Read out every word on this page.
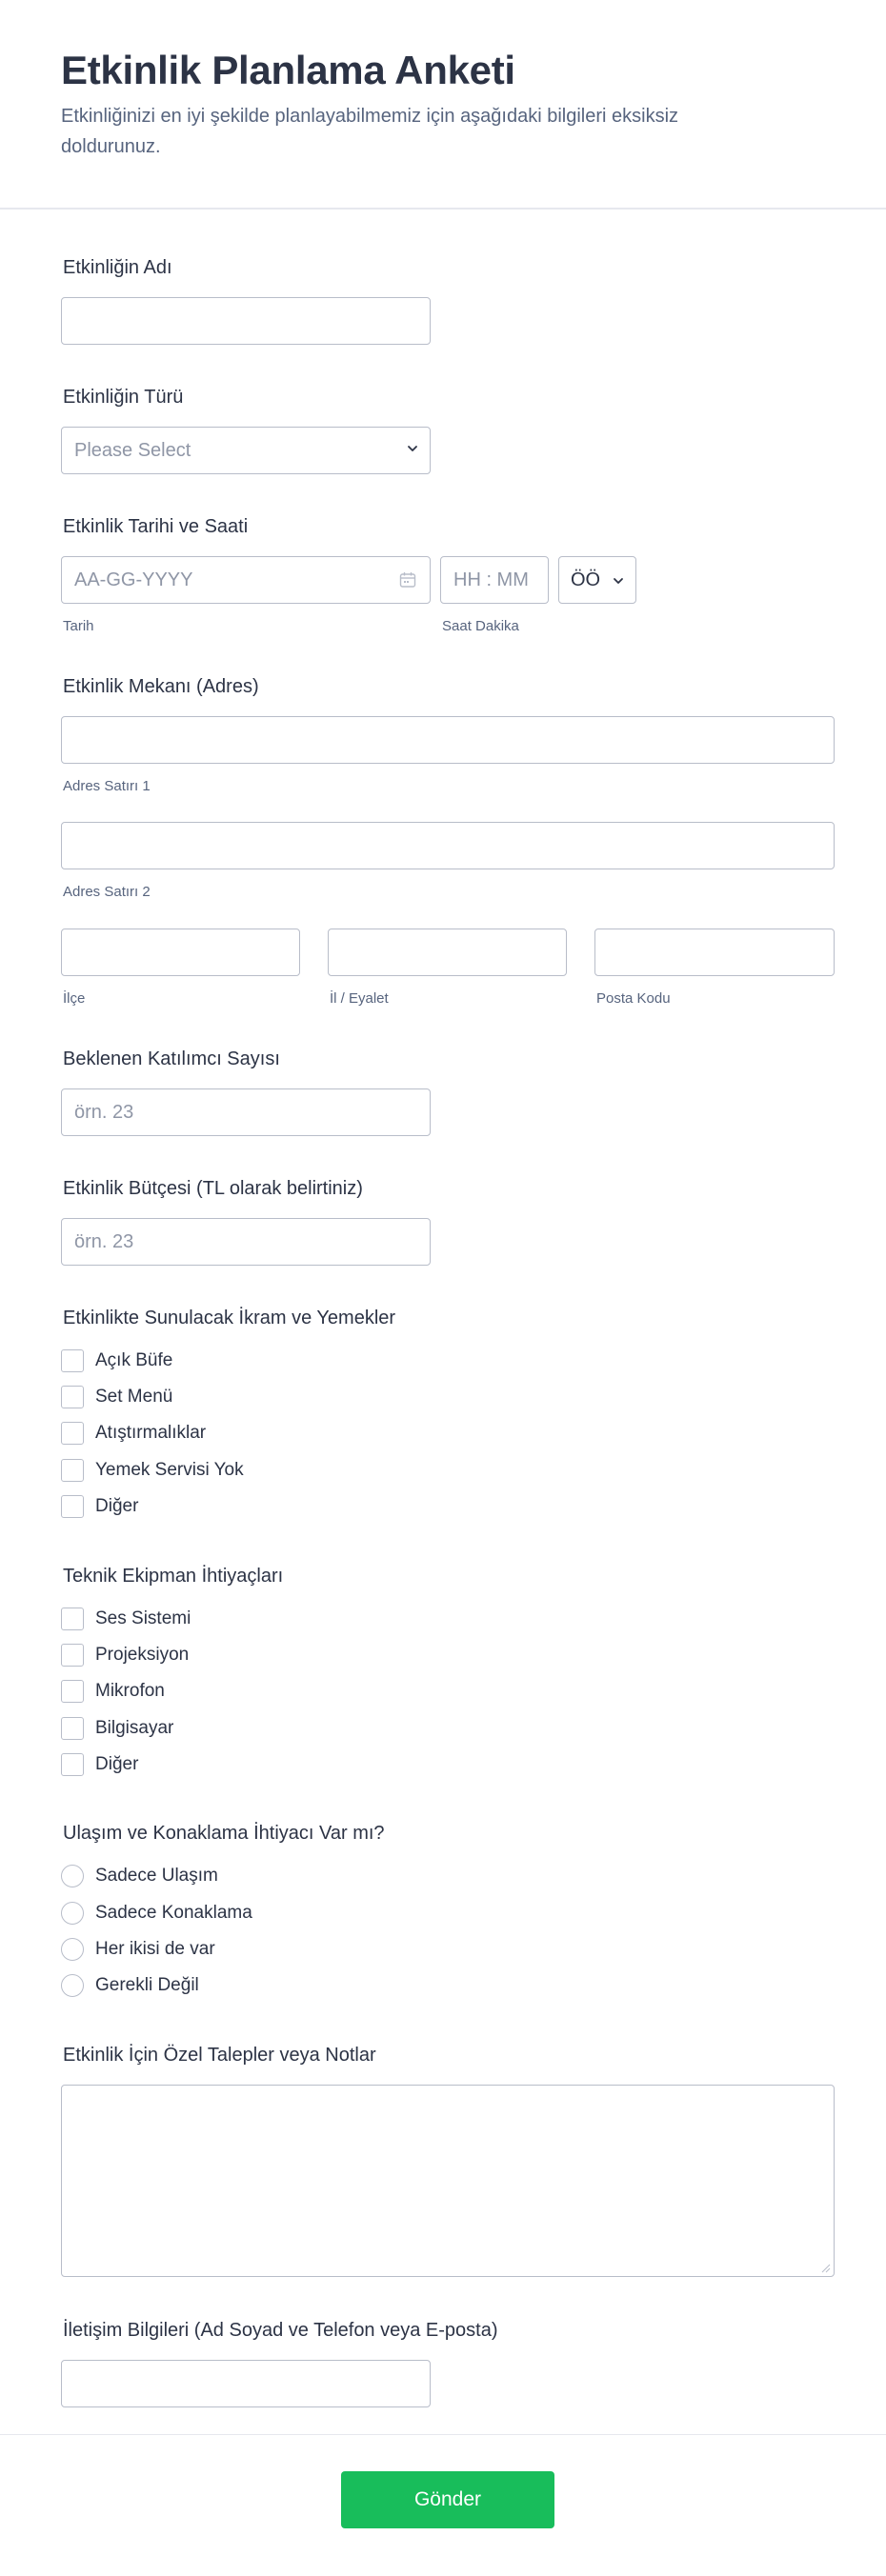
Etkinlik Planlama Anketi
Etkinliğinizi en iyi şekilde planlayabilmemiz için aşağıdaki bilgileri eksiksiz doldurunuz.
Etkinliğin Adı
Etkinliğin Türü
Please Select
Etkinlik Tarihi ve Saati
AA-GG-YYYY
Tarih
HH : MM
Saat Dakika
ÖÖ
Etkinlik Mekanı (Adres)
Adres Satırı 1
Adres Satırı 2
İlçe	İl / Eyalet	Posta Kodu
Beklenen Katılımcı Sayısı
örn. 23
Etkinlik Bütçesi (TL olarak belirtiniz)
örn. 23
Etkinlikte Sunulacak İkram ve Yemekler
Açık Büfe
Set Menü
Atıştırmalıklar
Yemek Servisi Yok
Diğer
Teknik Ekipman İhtiyaçları
Ses Sistemi
Projeksiyon
Mikrofon
Bilgisayar
Diğer
Ulaşım ve Konaklama İhtiyacı Var mı?
Sadece Ulaşım
Sadece Konaklama
Her ikisi de var
Gerekli Değil
Etkinlik İçin Özel Talepler veya Notlar
İletişim Bilgileri (Ad Soyad ve Telefon veya E-posta)
Gönder
